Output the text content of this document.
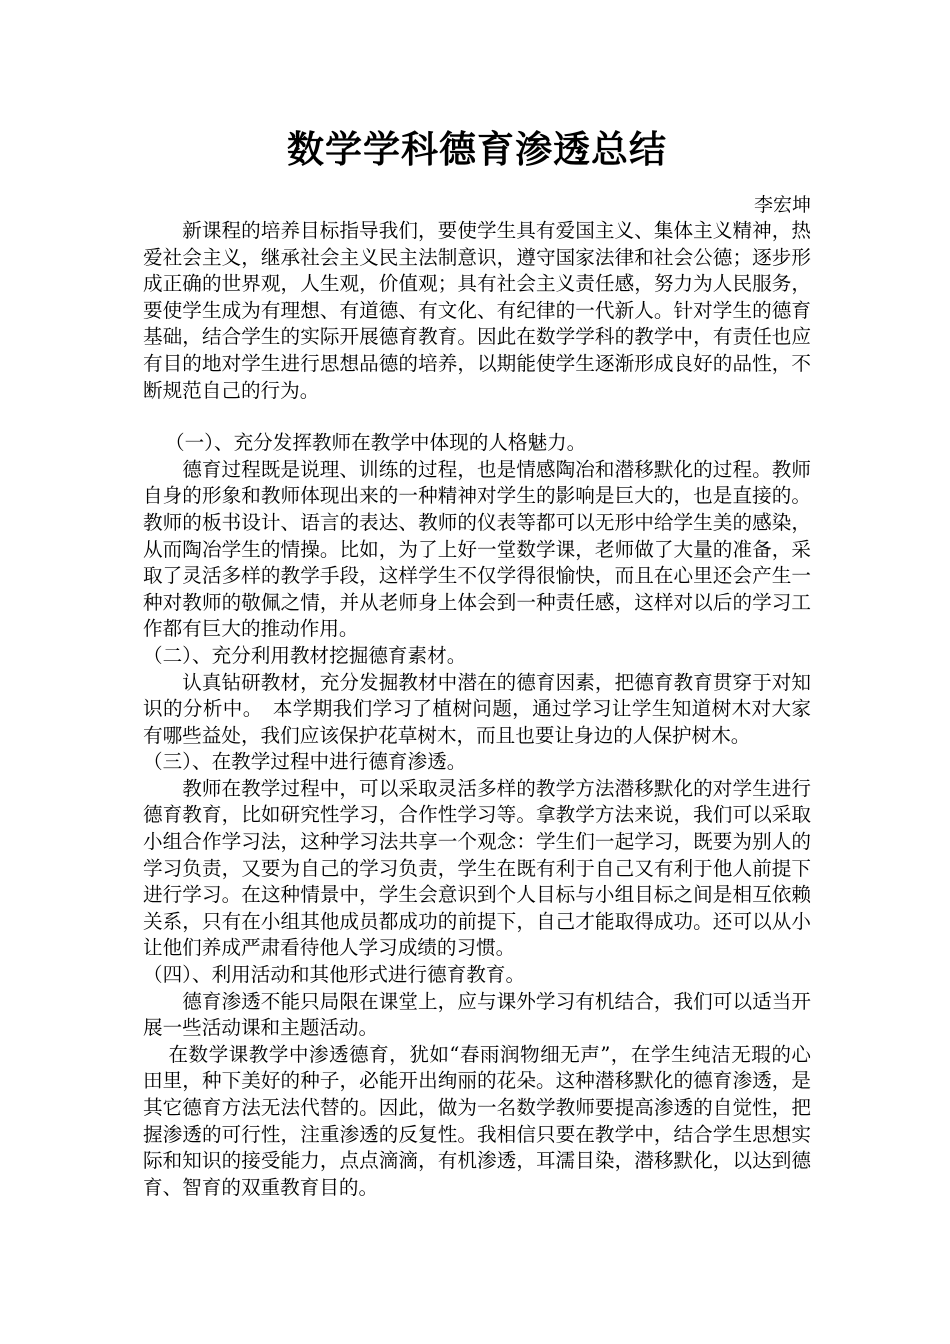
数学学科德育渗透总结

李宏坤

新课程的培养目标指导我们，要使学生具有爱国主义、集体主义精神，热爱社会主义，继承社会主义民主法制意识，遵守国家法律和社会公德；逐步形成正确的世界观，人生观，价值观；具有社会主义责任感，努力为人民服务，要使学生成为有理想、有道德、有文化、有纪律的一代新人。针对学生的德育基础，结合学生的实际开展德育教育。因此在数学学科的教学中，有责任也应有目的地对学生进行思想品德的培养，以期能使学生逐渐形成良好的品性，不断规范自己的行为。

（一）、充分发挥教师在教学中体现的人格魅力。

德育过程既是说理、训练的过程，也是情感陶冶和潜移默化的过程。教师自身的形象和教师体现出来的一种精神对学生的影响是巨大的，也是直接的。教师的板书设计、语言的表达、教师的仪表等都可以无形中给学生美的感染，从而陶冶学生的情操。比如，为了上好一堂数学课，老师做了大量的准备，采取了灵活多样的教学手段，这样学生不仅学得很愉快，而且在心里还会产生一种对教师的敬佩之情，并从老师身上体会到一种责任感，这样对以后的学习工作都有巨大的推动作用。

（二）、充分利用教材挖掘德育素材。

认真钻研教材，充分发掘教材中潜在的德育因素，把德育教育贯穿于对知识的分析中。　本学期我们学习了植树问题，通过学习让学生知道树木对大家有哪些益处，我们应该保护花草树木，而且也要让身边的人保护树木。

（三）、在教学过程中进行德育渗透。

教师在教学过程中，可以采取灵活多样的教学方法潜移默化的对学生进行德育教育，比如研究性学习，合作性学习等。拿教学方法来说，我们可以采取小组合作学习法，这种学习法共享一个观念：学生们一起学习，既要为别人的学习负责，又要为自己的学习负责，学生在既有利于自己又有利于他人前提下进行学习。在这种情景中，学生会意识到个人目标与小组目标之间是相互依赖关系，只有在小组其他成员都成功的前提下，自己才能取得成功。还可以从小让他们养成严肃看待他人学习成绩的习惯。

（四）、利用活动和其他形式进行德育教育。

德育渗透不能只局限在课堂上，应与课外学习有机结合，我们可以适当开展一些活动课和主题活动。

在数学课教学中渗透德育，犹如“春雨润物细无声”，在学生纯洁无瑕的心田里，种下美好的种子，必能开出绚丽的花朵。这种潜移默化的德育渗透，是其它德育方法无法代替的。因此，做为一名数学教师要提高渗透的自觉性，把握渗透的可行性，注重渗透的反复性。我相信只要在教学中，结合学生思想实际和知识的接受能力，点点滴滴，有机渗透，耳濡目染，潜移默化，以达到德育、智育的双重教育目的。
